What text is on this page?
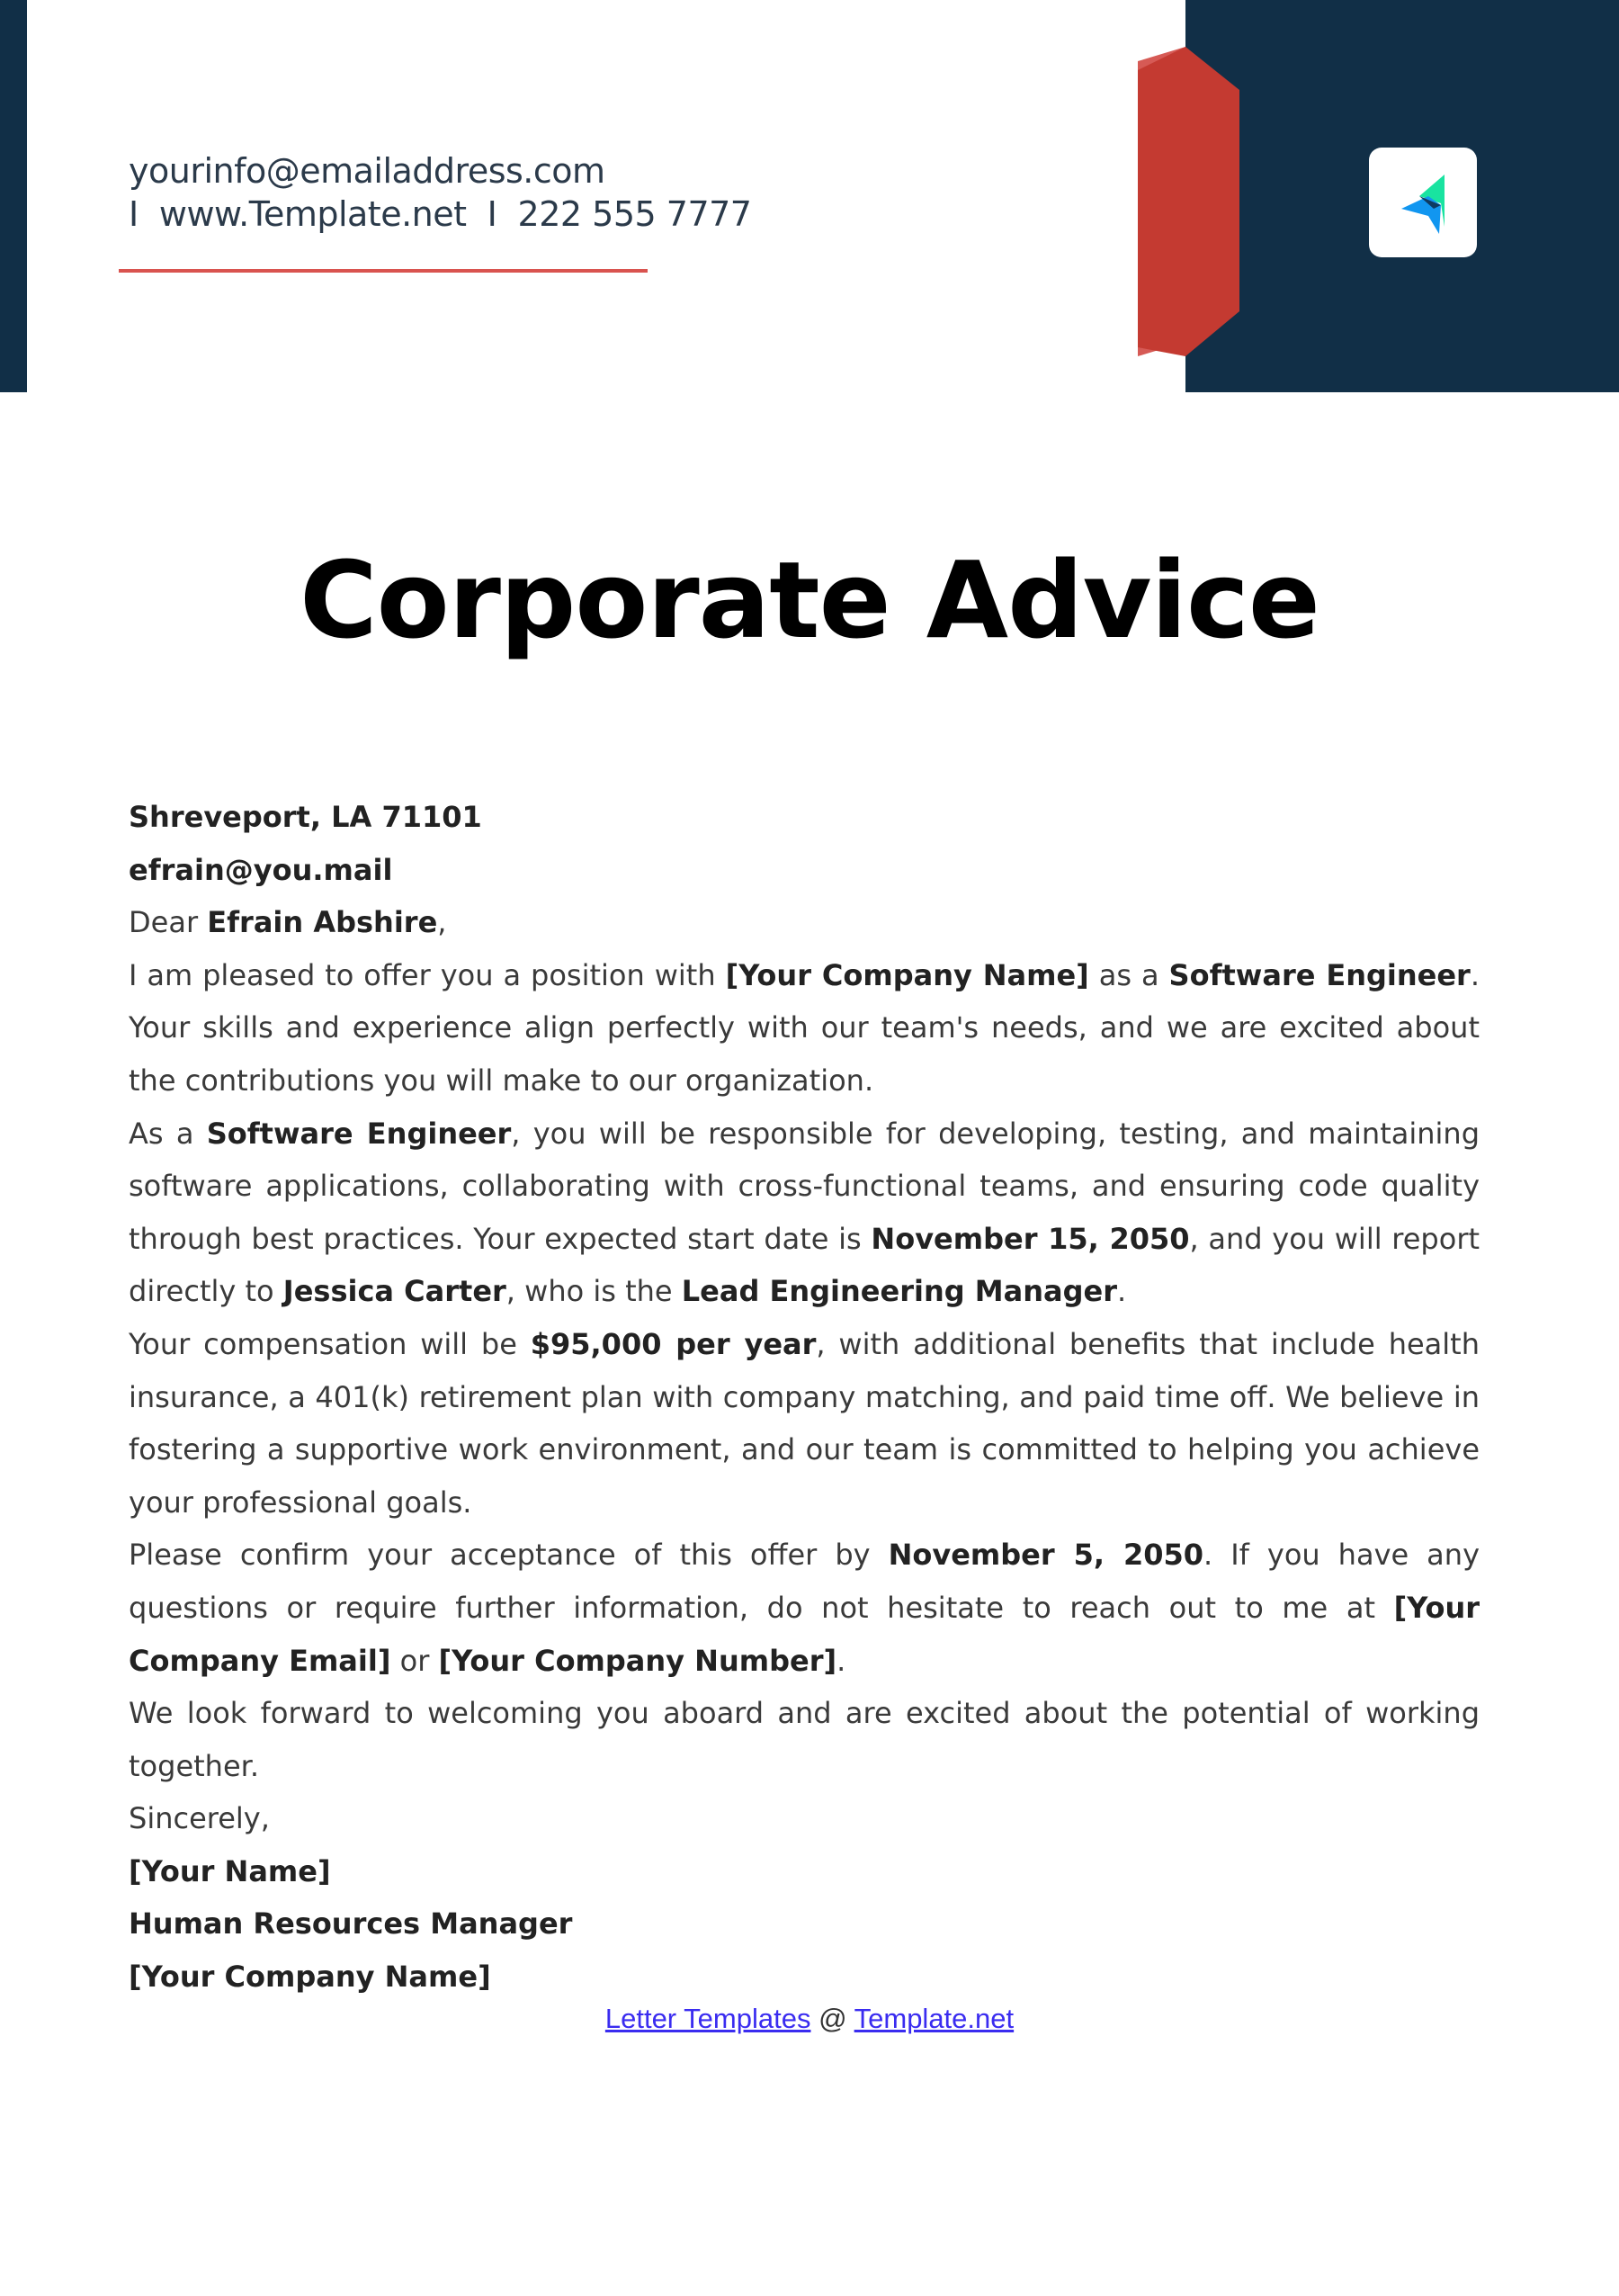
yourinfo@emailaddress.com
I  www.Template.net  I  222 555 7777
Corporate Advice

Shreveport, LA 71101

efrain@you.mail

Dear Efrain Abshire,

I am pleased to offer you a position with [Your Company Name] as a Software Engineer. Your skills and experience align perfectly with our team's needs, and we are excited about the contributions you will make to our organization.

As a Software Engineer, you will be responsible for developing, testing, and maintaining software applications, collaborating with cross-functional teams, and ensuring code quality through best practices. Your expected start date is November 15, 2050, and you will report directly to Jessica Carter, who is the Lead Engineering Manager.

Your compensation will be $95,000 per year, with additional benefits that include health insurance, a 401(k) retirement plan with company matching, and paid time off. We believe in fostering a supportive work environment, and our team is committed to helping you achieve your professional goals.

Please confirm your acceptance of this offer by November 5, 2050. If you have any questions or require further information, do not hesitate to reach out to me at [Your Company Email] or [Your Company Number].

We look forward to welcoming you aboard and are excited about the potential of working together.

Sincerely,

[Your Name]

Human Resources Manager

[Your Company Name]

Letter Templates @ Template.net
